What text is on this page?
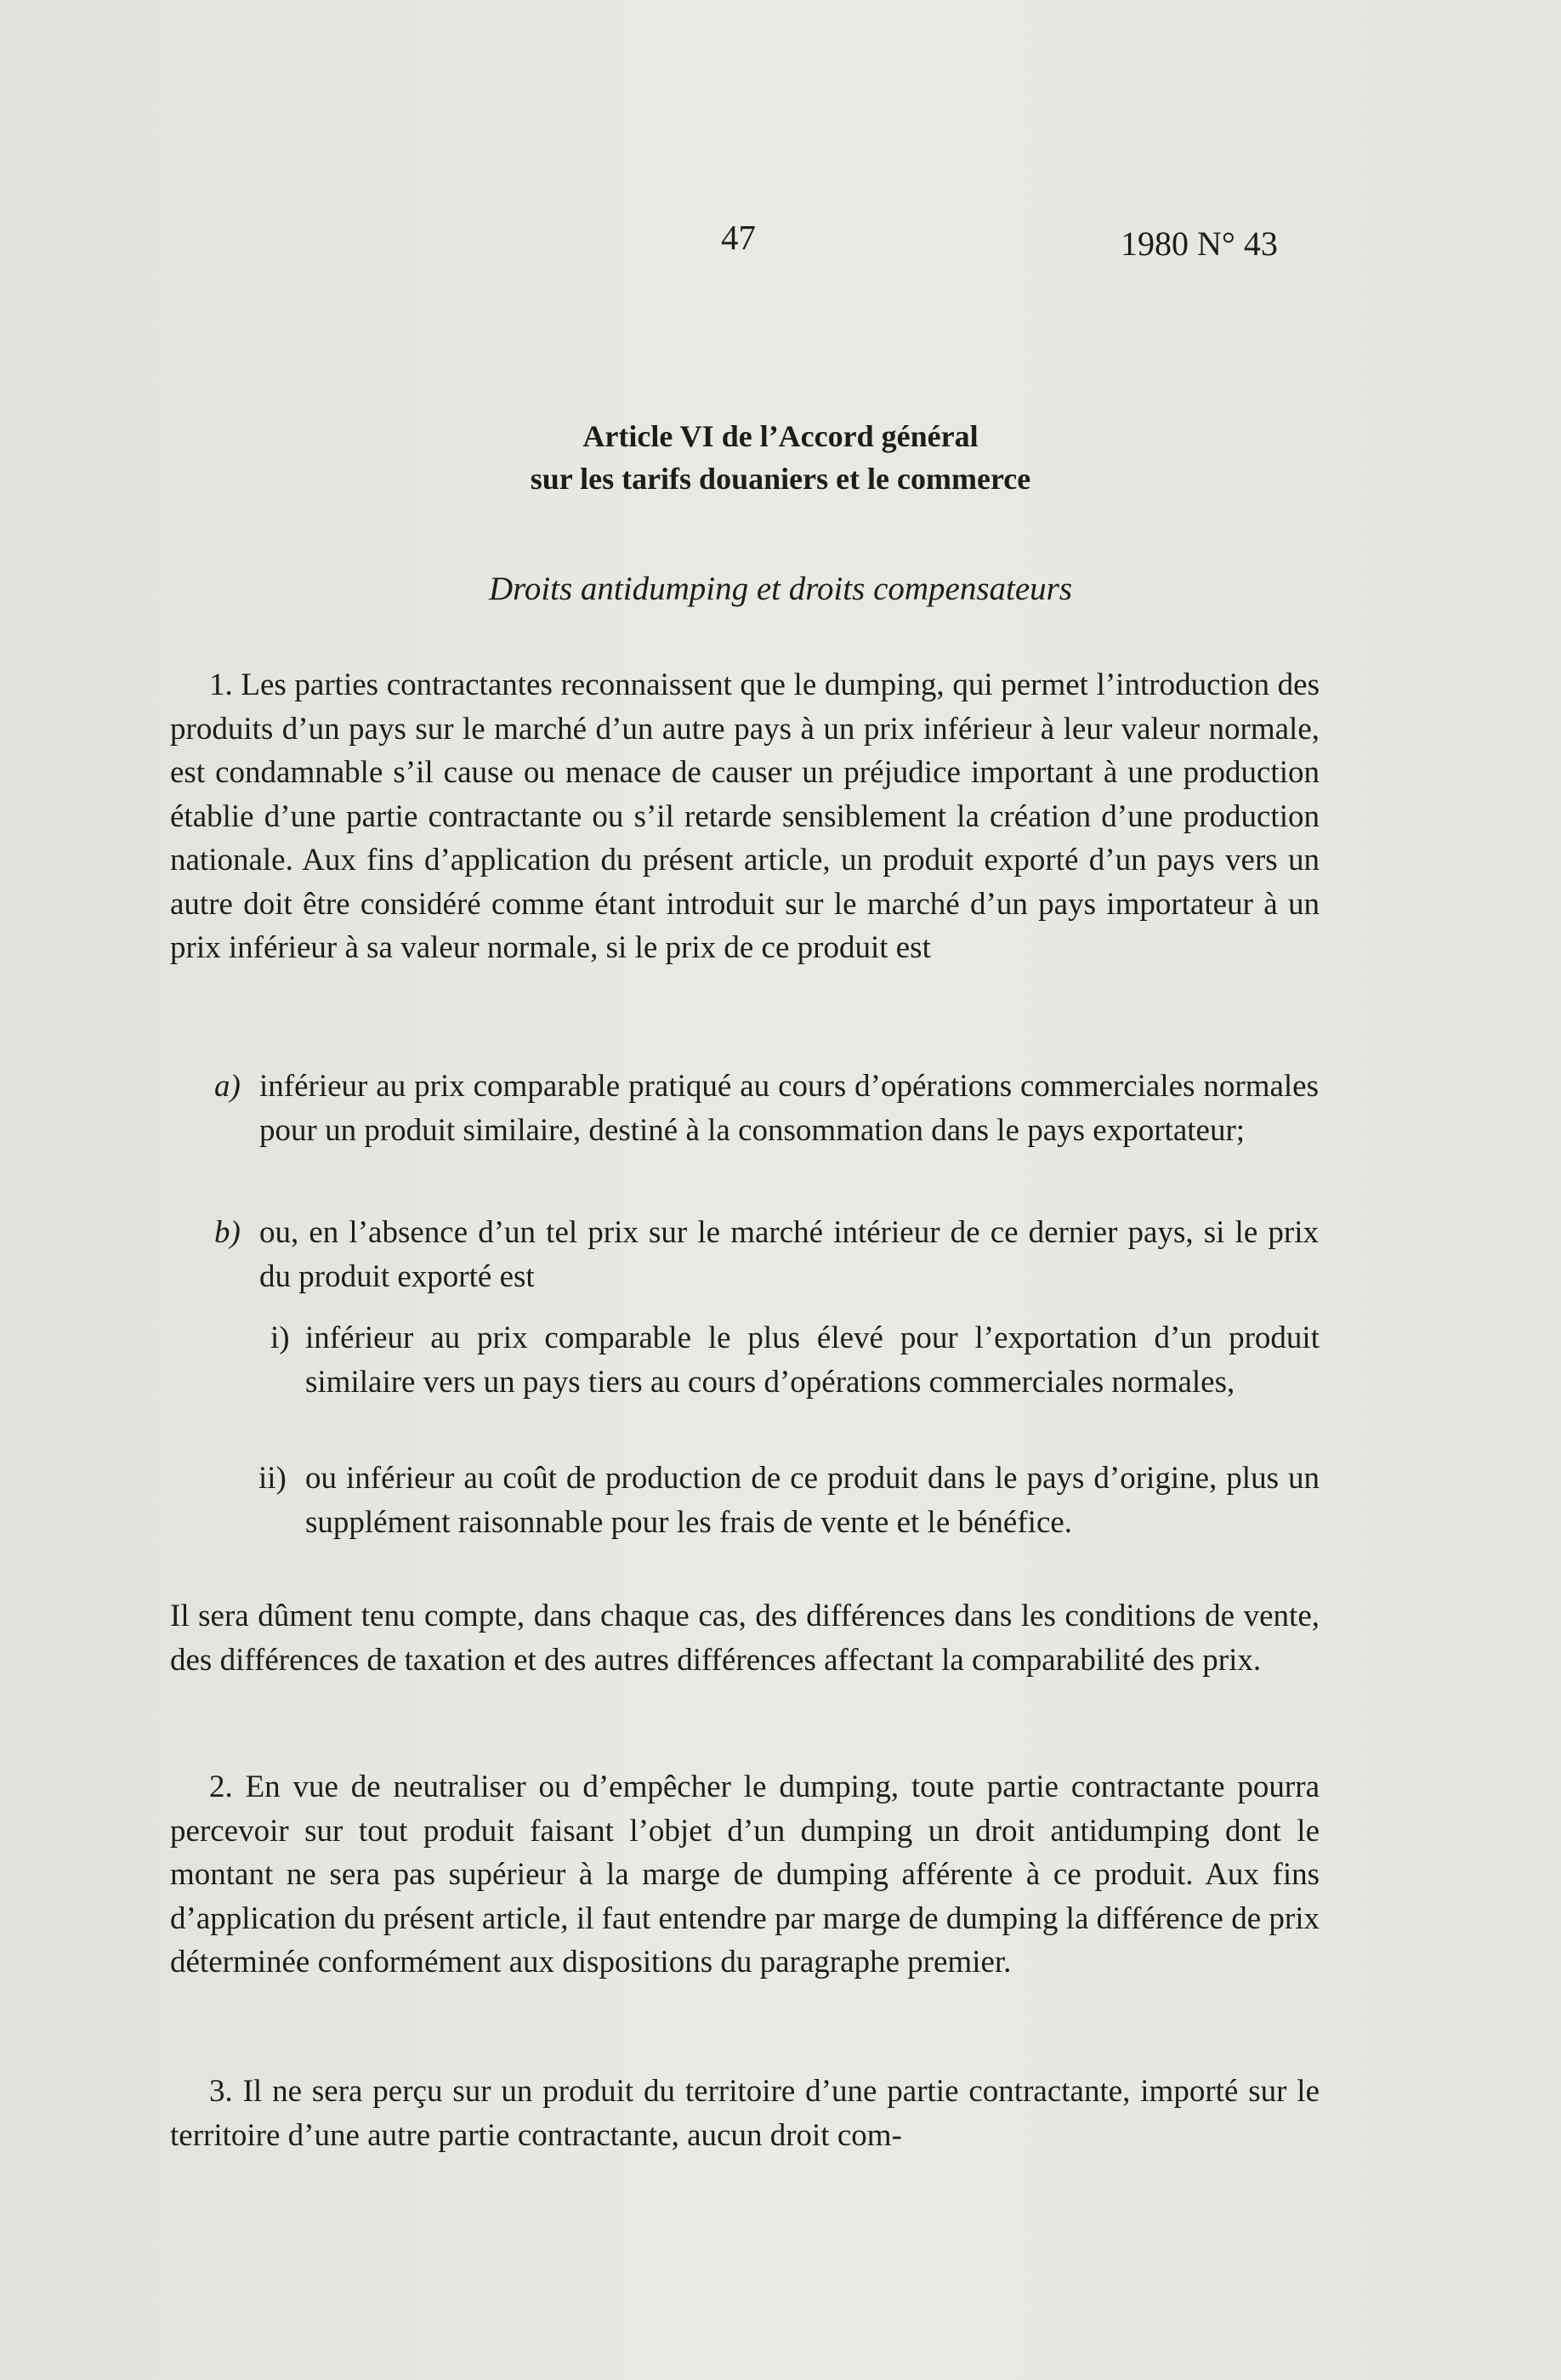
47	1980 N° 43
Article VI de l’Accord général
sur les tarifs douaniers et le commerce
Droits antidumping et droits compensateurs
1. Les parties contractantes reconnaissent que le dumping, qui permet l’introduction des produits d’un pays sur le marché d’un autre pays à un prix inférieur à leur valeur normale, est condamnable s’il cause ou menace de causer un préjudice important à une production établie d’une partie contractante ou s’il retarde sensiblement la création d’une production nationale. Aux fins d’application du présent article, un produit exporté d’un pays vers un autre doit être considéré comme étant introduit sur le marché d’un pays importateur à un prix inférieur à sa valeur normale, si le prix de ce produit est
a) inférieur au prix comparable pratiqué au cours d’opérations commerciales normales pour un produit similaire, destiné à la consommation dans le pays exportateur;
b) ou, en l’absence d’un tel prix sur le marché intérieur de ce dernier pays, si le prix du produit exporté est
i) inférieur au prix comparable le plus élevé pour l’exportation d’un produit similaire vers un pays tiers au cours d’opérations commerciales normales,
ii) ou inférieur au coût de production de ce produit dans le pays d’origine, plus un supplément raisonnable pour les frais de vente et le bénéfice.
Il sera dûment tenu compte, dans chaque cas, des différences dans les conditions de vente, des différences de taxation et des autres différences affectant la comparabilité des prix.
2. En vue de neutraliser ou d’empêcher le dumping, toute partie contractante pourra percevoir sur tout produit faisant l’objet d’un dumping un droit antidumping dont le montant ne sera pas supérieur à la marge de dumping afférente à ce produit. Aux fins d’application du présent article, il faut entendre par marge de dumping la différence de prix déterminée conformément aux dispositions du paragraphe premier.
3. Il ne sera perçu sur un produit du territoire d’une partie contractante, importé sur le territoire d’une autre partie contractante, aucun droit com-
